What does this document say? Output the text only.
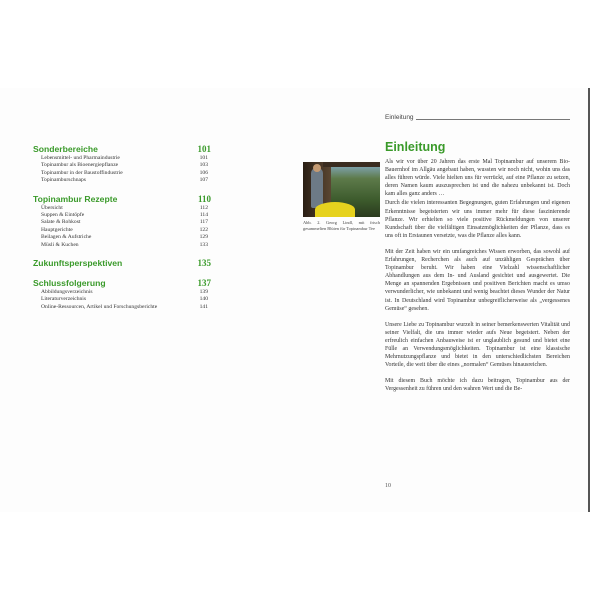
Sonderbereiche	101
Lebensmittel- und Pharmaindustrie	101
Topinambur als Bioenergiepflanze	103
Topinambur in der Baustoffindustrie	106
Topinamburschnaps	107
Topinambur Rezepte	110
Übersicht	112
Suppen & Eintöpfe	114
Salate & Rohkost	117
Hauptgerichte	122
Beilagen & Aufstriche	129
Müsli & Kuchen	133
Zukunftsperspektiven	135
Schlussfolgerung	137
Abbildungsverzeichnis	139
Literaturverzeichnis	140
Online-Ressourcen, Artikel und Forschungsberichte	141
Einleitung
Einleitung
Abb. 2. Georg Lindl, mit frisch gesammelten Blüten für Topinambur Tee

Als wir vor über 20 Jahren das erste Mal Topinambur auf unserem Bio-Bauernhof im Allgäu angebaut haben, wussten wir noch nicht, wohin uns das alles führen würde. Viele hielten uns für verrückt, auf eine Pflanze zu setzen, deren Namen kaum auszusprechen ist und die nahezu unbekannt ist. Doch kam alles ganz anders …

Durch die vielen interessanten Begegnungen, guten Erfahrungen und eigenen Erkenntnisse begeisterten wir uns immer mehr für diese faszinierende Pflanze. Wir erhielten so viele positive Rückmeldungen von unserer Kundschaft über die vielfältigen Einsatzmöglichkeiten der Pflanze, dass es uns oft in Erstaunen versetzte, was die Pflanze alles kann.

Mit der Zeit haben wir ein umfangreiches Wissen erworben, das sowohl auf Erfahrungen, Recherchen als auch auf unzähligen Gesprächen über Topinambur beruht. Wir haben eine Vielzahl wissenschaftlicher Abhandlungen aus dem In- und Ausland gesichtet und ausgewertet. Die Menge an spannenden Ergebnissen und positiven Berichten macht es umso verwunderlicher, wie unbekannt und wenig beachtet dieses Wunder der Natur ist. In Deutschland wird Topinambur unbegreiflicherweise als „vergessenes Gemüse“ gesehen.

Unsere Liebe zu Topinambur wurzelt in seiner bemerkenswerten Vitalität und seiner Vielfalt, die uns immer wieder aufs Neue begeistert. Neben der erfreulich einfachen Anbauweise ist er unglaublich gesund und bietet eine Fülle an Verwendungsmöglichkeiten. Topinambur ist eine klassische Mehrnutzungspflanze und bietet in den unterschiedlichsten Bereichen Vorteile, die weit über die eines „normalen“ Gemüses hinausreichen.

Mit diesem Buch möchte ich dazu beitragen, Topinambur aus der Vergessenheit zu führen und den wahren Wert und die Be-

10
